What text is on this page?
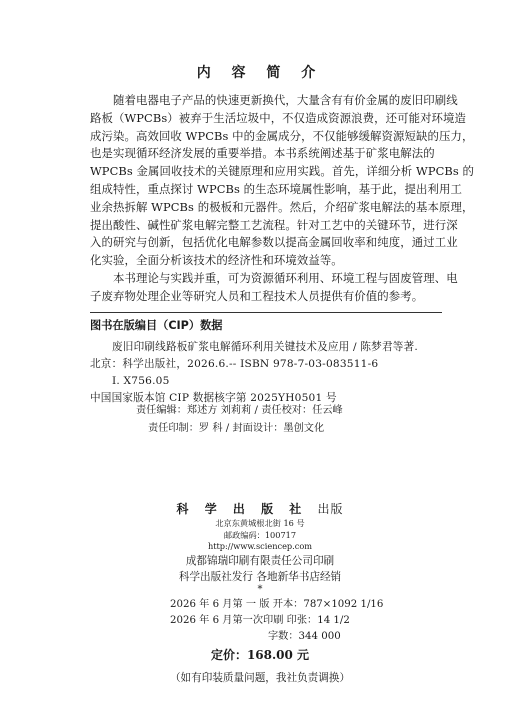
内 容 简 介

随着电器电子产品的快速更新换代，大量含有有价金属的废旧印刷线
路板（WPCBs）被弃于生活垃圾中，不仅造成资源浪费，还可能对环境造
成污染。高效回收 WPCBs 中的金属成分，不仅能够缓解资源短缺的压力，
也是实现循环经济发展的重要举措。本书系统阐述基于矿浆电解法的
WPCBs 金属回收技术的关键原理和应用实践。首先，详细分析 WPCBs 的
组成特性，重点探讨 WPCBs 的生态环境属性影响，基于此，提出利用工
业余热拆解 WPCBs 的极板和元器件。然后，介绍矿浆电解法的基本原理，
提出酸性、碱性矿浆电解完整工艺流程。针对工艺中的关键环节，进行深
入的研究与创新，包括优化电解参数以提高金属回收率和纯度，通过工业
化实验，全面分析该技术的经济性和环境效益等。

本书理论与实践并重，可为资源循环利用、环境工程与固废管理、电
子废弃物处理企业等研究人员和工程技术人员提供有价值的参考。

图书在版编目（CIP）数据
废旧印刷线路板矿浆电解循环利用关键技术及应用 / 陈梦君等著.
北京：科学出版社，2026.6.-- ISBN 978-7-03-083511-6
Ⅰ. X756.05
中国国家版本馆 CIP 数据核字第 2025YH0501 号
责任编辑：郑述方 刘莉莉 / 责任校对：任云峰
责任印制：罗 科 / 封面设计：墨创文化
科 学 出 版 社 出版
北京东黄城根北街 16 号
邮政编码：100717
http://www.sciencep.com
成都锦瑞印刷有限责任公司印刷
科学出版社发行 各地新华书店经销
*
2026 年 6 月第 一 版 开本：787×1092 1/16
2026 年 6 月第一次印刷 印张：14 1/2
字数：344 000
定价：168.00 元
（如有印装质量问题，我社负责调换）
